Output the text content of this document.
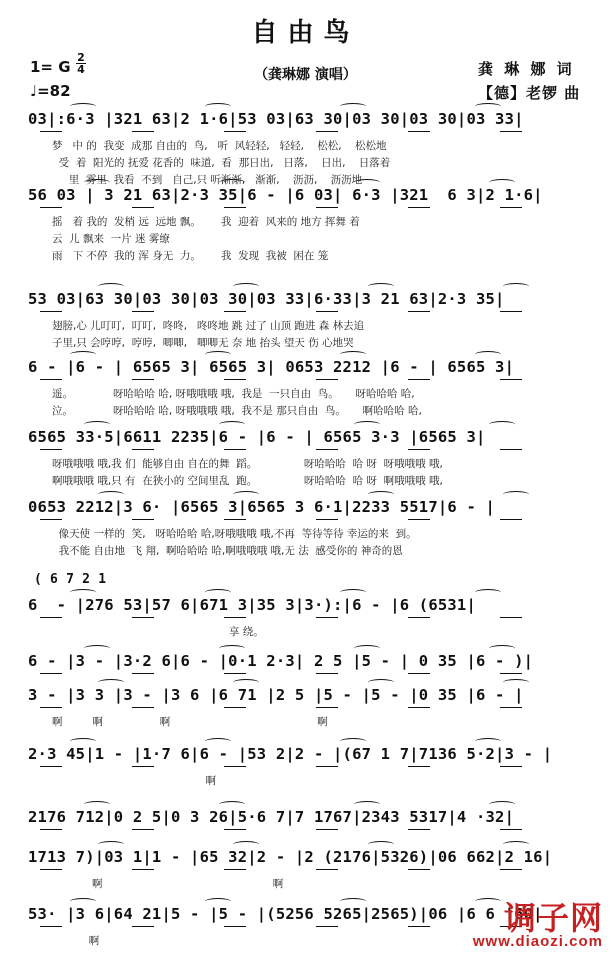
自由鸟
（龚琳娜 演唱）
1= G
2
4
♩=82
龚 琳 娜 词
【德】老锣 曲
03|:6·3 |321 63|2 1·6|53 03|63 30|03 30|03 30|03 33|
梦   中 的  我变  成那 自由的  鸟,   听  风轻轻,   轻轻,    松松,    松松地
受  着  阳光的 抚爱 花香的  味道,  看  那日出,   日落,    日出,    日落着
里  雾里  我看  不到   自己,只 听渐渐,   渐渐,    沥沥,    沥沥地
56 03 | 3 21 63|2·3 35|6 - |6 03| 6·3 |321  6 3|2 1·6|
摇   着 我的  发梢 远  远地 飘。      我  迎着  风来的 地方 挥舞 着
云  儿 飘来  一片 迷 雾缭
雨   下 不停  我的 浑 身无  力。      我  发现  我被  困在 笼
53 03|63 30|03 30|03 30|03 33|6·33|3 21 63|2·3 35|
翅膀,心 儿叮叮,  叮叮,  咚咚,   咚咚地 跳 过了 山顶 跑进 森 林去追
子里,只 会哼哼,  哼哼,  唧唧,   唧唧无 奈 地 抬头 望天 伤 心地哭
6 - |6 - | 6565 3| 6565 3| 0653 2212 |6 - | 6565 3|
遥。            呀哈哈哈 哈, 呀哦哦哦 哦,  我是  一只自由  鸟。     呀哈哈哈 哈,
泣。            呀哈哈哈 哈, 呀哦哦哦 哦,  我不是 那只自由  鸟。     啊哈哈哈 哈,
6565 33·5|6611 2235|6 - |6 - | 6565 3·3 |6565 3|
呀哦哦哦 哦,我 们  能够自由 自在的舞  蹈。              呀哈哈哈  哈 呀  呀哦哦哦 哦,
啊哦哦哦 哦,只 有  在狭小的 空间里乱  跑。              呀哈哈哈  哈 呀  啊哦哦哦 哦,
0653 2212|3 6· |6565 3|6565 3 6·1|2233 5517|6 - |
像天使 一样的  笑,   呀哈哈哈 哈,呀哦哦哦 哦,不再  等待等待 幸运的来  到。
我不能 自由地  飞 翔,  啊哈哈哈 哈,啊哦哦哦 哦,无 法  感受你的 神奇的恩
( 6 7 2 1
6  - |276 53|57 6|671 3|35 3|3·):|6 - |6 (6531|
享 绕。
6 - |3 - |3·2 6|6 - |0·1 2·3| 2 5 |5 - | 0 35 |6 - )|
3 - |3 3 |3 - |3 6 |6 71 |2 5 |5 - |5 - |0 35 |6 - |
啊         啊                 啊                                            啊
2·3 45|1 - |1·7 6|6 - |53 2|2 - |(67 1 7|7136 5·2|3 - |
啊
2176 712|0 2 5|0 3 26|5·6 7|7 1767|2343 5317|4 ·32|
1713 7)|03 1|1 - |65 32|2 - |2 (2176|5326)|06 662|2 16|
啊                                                   啊
53· |3 6|64 21|5 - |5 - |(5256 5265|2565)|06 |6 6 |60|
啊
调子网
www.diaozi.com
